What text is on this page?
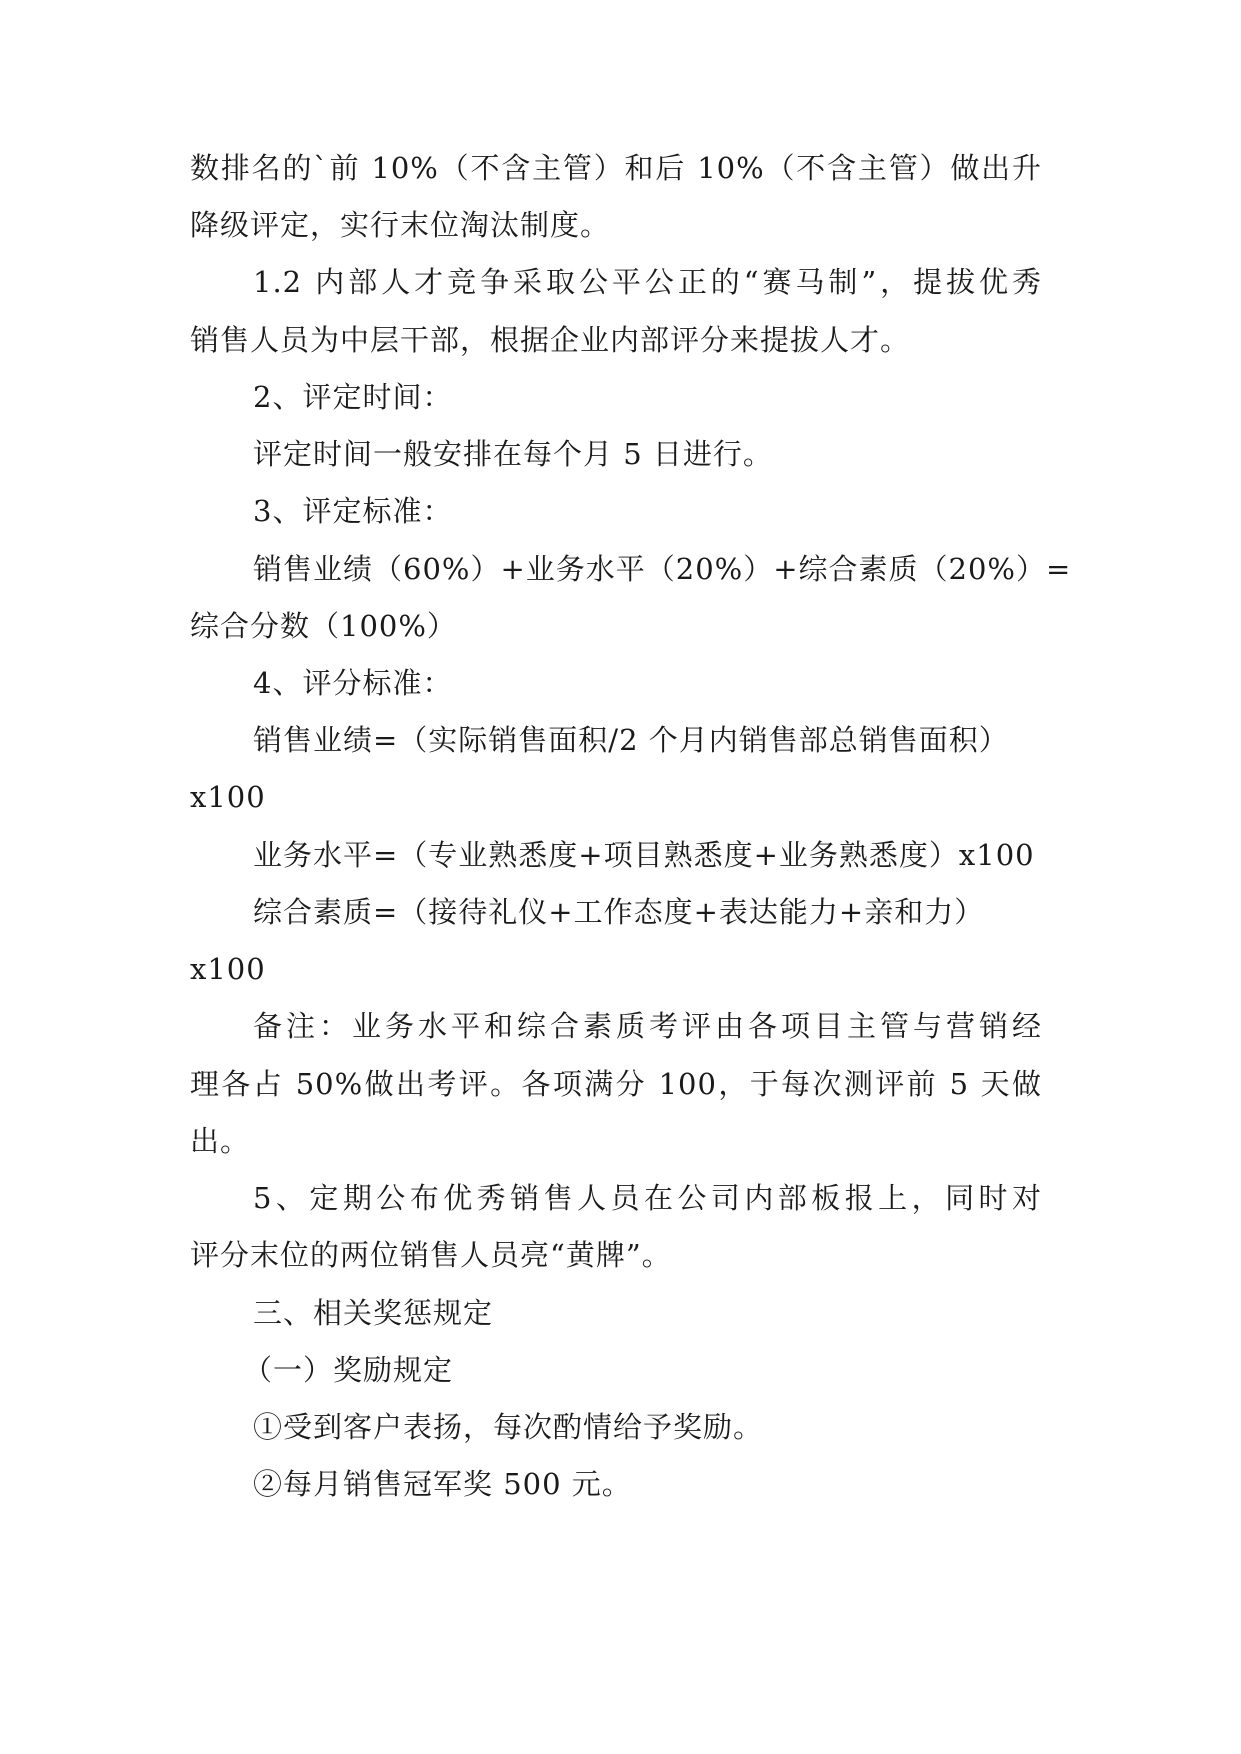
数排名的`前 10%（不含主管）和后 10%（不含主管）做出升
降级评定，实行末位淘汰制度。
1.2 内部人才竞争采取公平公正的“赛马制”，提拔优秀
销售人员为中层干部，根据企业内部评分来提拔人才。
2、评定时间：
评定时间一般安排在每个月 5 日进行。
3、评定标准：
销售业绩（60%）+业务水平（20%）+综合素质（20%）=
综合分数（100%）
4、评分标准：
销售业绩=（实际销售面积/2 个月内销售部总销售面积）
x100
业务水平=（专业熟悉度+项目熟悉度+业务熟悉度）x100
综合素质=（接待礼仪+工作态度+表达能力+亲和力）
x100
备注：业务水平和综合素质考评由各项目主管与营销经
理各占 50%做出考评。各项满分 100，于每次测评前 5 天做
出。
5、定期公布优秀销售人员在公司内部板报上，同时对
评分末位的两位销售人员亮“黄牌”。
三、相关奖惩规定
（一）奖励规定
①受到客户表扬，每次酌情给予奖励。
②每月销售冠军奖 500 元。
